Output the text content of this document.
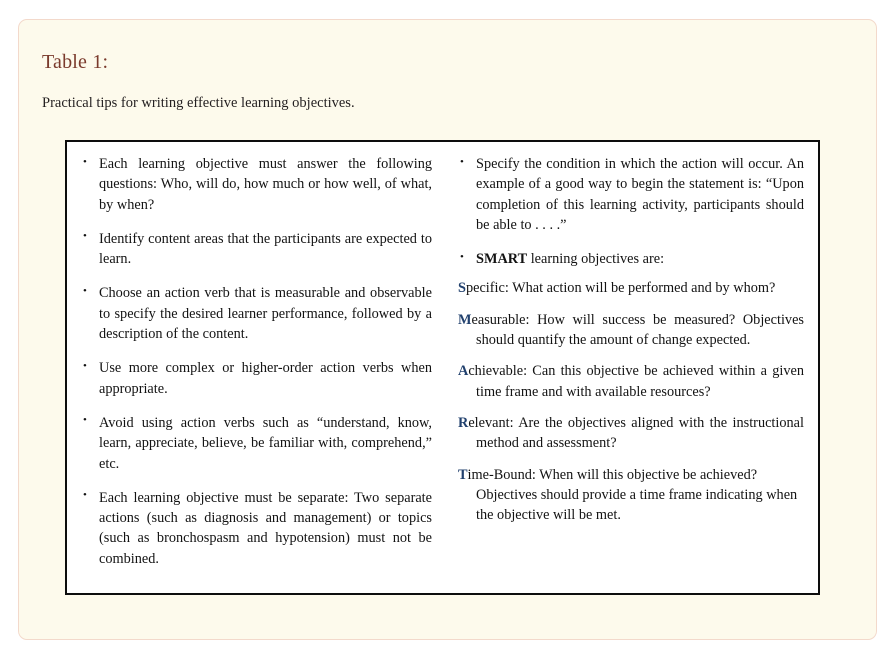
Table 1:
Practical tips for writing effective learning objectives.
• Each learning objective must answer the following questions: Who, will do, how much or how well, of what, by when?
• Identify content areas that the participants are expected to learn.
• Choose an action verb that is measurable and observable to specify the desired learner performance, followed by a description of the content.
• Use more complex or higher-order action verbs when appropriate.
• Avoid using action verbs such as “understand, know, learn, appreciate, believe, be familiar with, comprehend,” etc.
• Each learning objective must be separate: Two separate actions (such as diagnosis and management) or topics (such as bronchospasm and hypotension) must not be combined.
• Specify the condition in which the action will occur. An example of a good way to begin the statement is: “Upon completion of this learning activity, participants should be able to . . . .”
• SMART learning objectives are:
Specific: What action will be performed and by whom?
Measurable: How will success be measured? Objectives should quantify the amount of change expected.
Achievable: Can this objective be achieved within a given time frame and with available resources?
Relevant: Are the objectives aligned with the instructional method and assessment?
Time-Bound: When will this objective be achieved? Objectives should provide a time frame indicating when the objective will be met.
